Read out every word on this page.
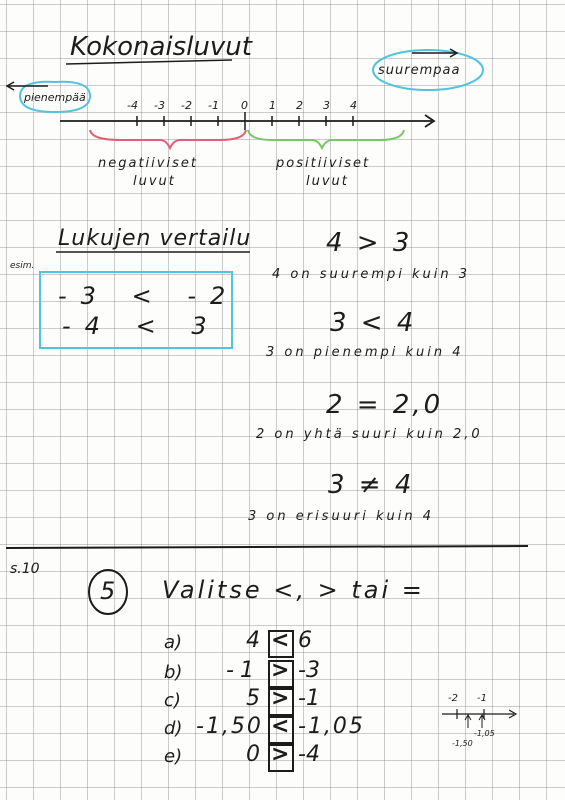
Kokonaisluvut
suurempaa
pienempää
-4 -3 -2 -1 0 1 2 3 4
negatiiviset
luvut
positiiviset
luvut
Lukujen vertailu
esim.
-3 < -2
-4 < 3
4 > 3
4 on suurempi kuin 3
3 < 4
3 on pienempi kuin 4
2 = 2,0
2 on yhtä suuri kuin 2,0
3 ≠ 4
3 on erisuuri kuin 4
s.10
5 Valitse <, > tai =
a)	4 < 6
b) -1 > -3
c)	5 > -1
d) -1,50 < -1,05
e)	0 > -4
-2 -1
-1,50
-1,05
